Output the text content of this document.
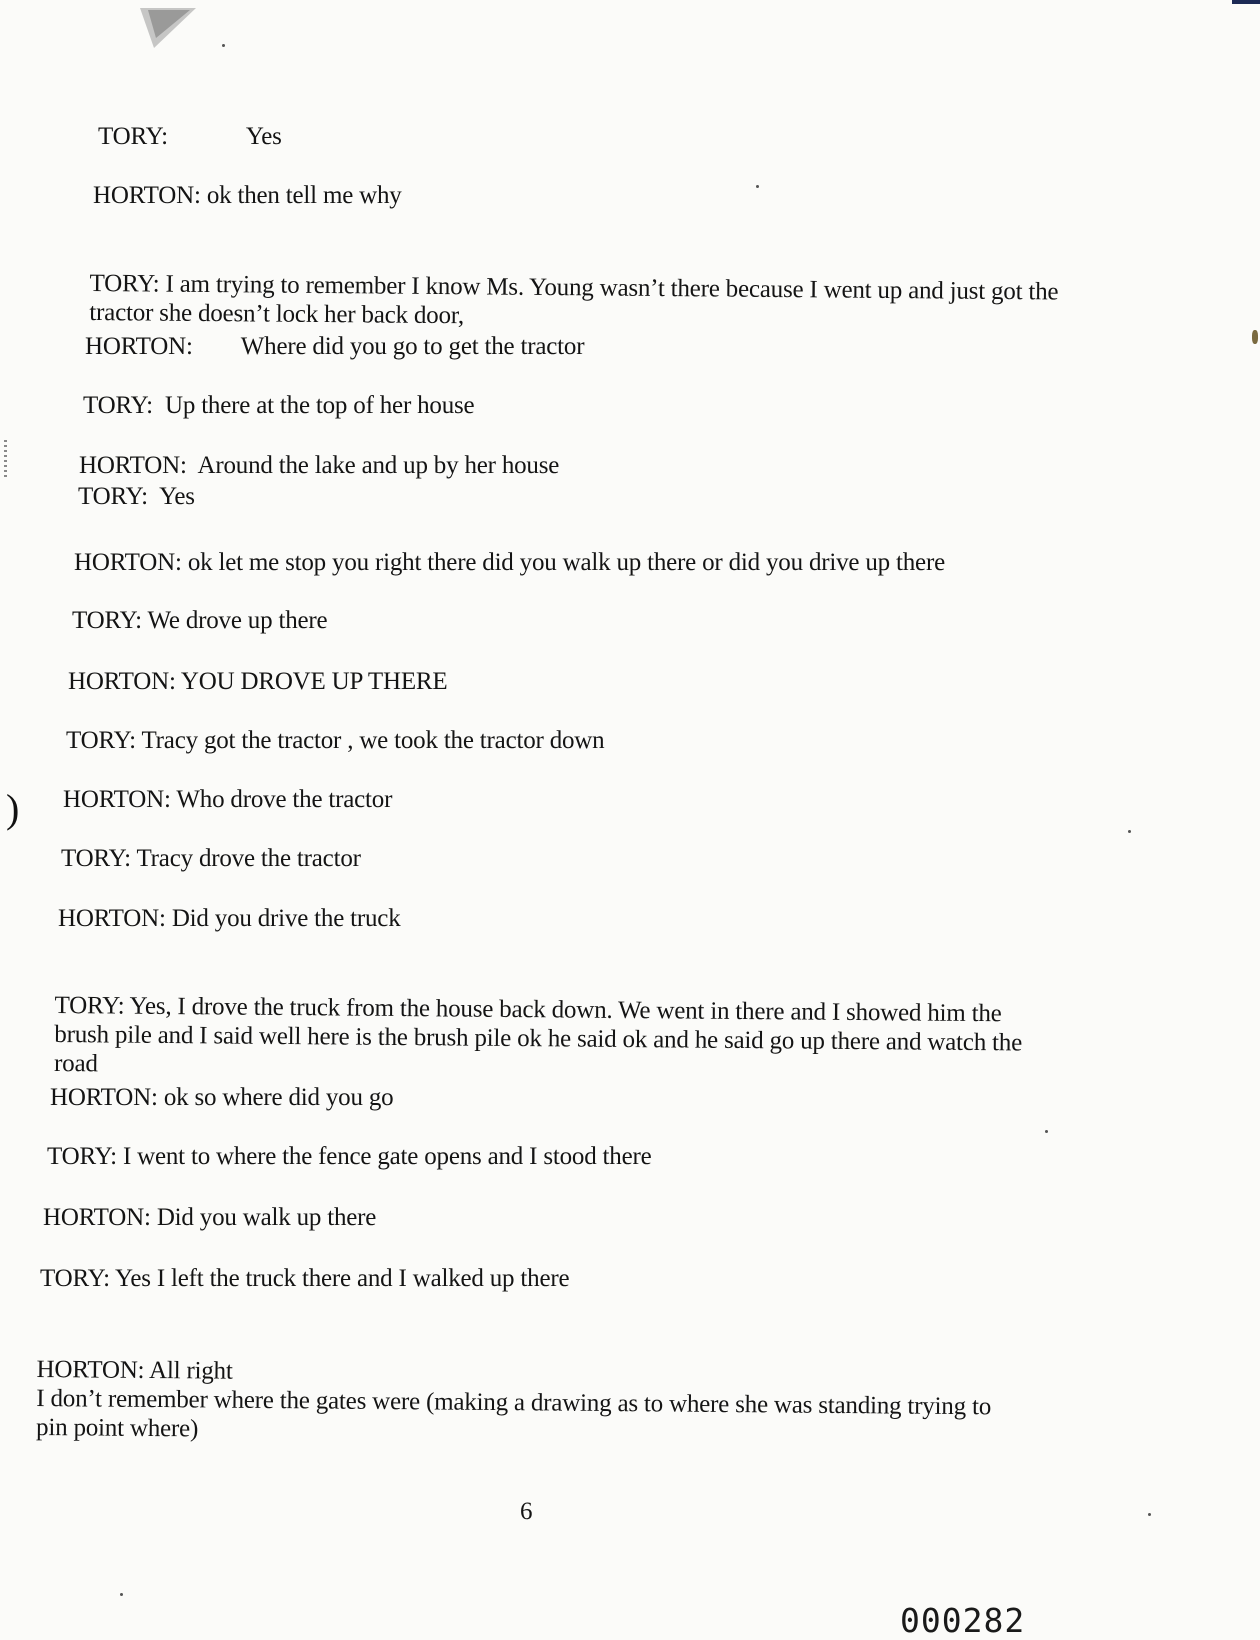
)

TORY:	Yes

HORTON: ok then tell me why

TORY: I am trying to remember I know Ms. Young wasn’t there because I went up and just got the
tractor she doesn’t lock her back door,

HORTON: Where did you go to get the tractor

TORY: Up there at the top of her house

HORTON: Around the lake and up by her house

TORY: Yes

HORTON: ok let me stop you right there did you walk up there or did you drive up there

TORY: We drove up there

HORTON: YOU DROVE UP THERE

TORY: Tracy got the tractor , we took the tractor down

HORTON: Who drove the tractor

TORY: Tracy drove the tractor

HORTON: Did you drive the truck

TORY: Yes, I drove the truck from the house back down. We went in there and I showed him the
brush pile and I said well here is the brush pile ok he said ok and he said go up there and watch the
road

HORTON: ok so where did you go

TORY: I went to where the fence gate opens and I stood there

HORTON: Did you walk up there

TORY: Yes I left the truck there and I walked up there

HORTON: All right
I don’t remember where the gates were (making a drawing as to where she was standing trying to
pin point where)

6
000282
